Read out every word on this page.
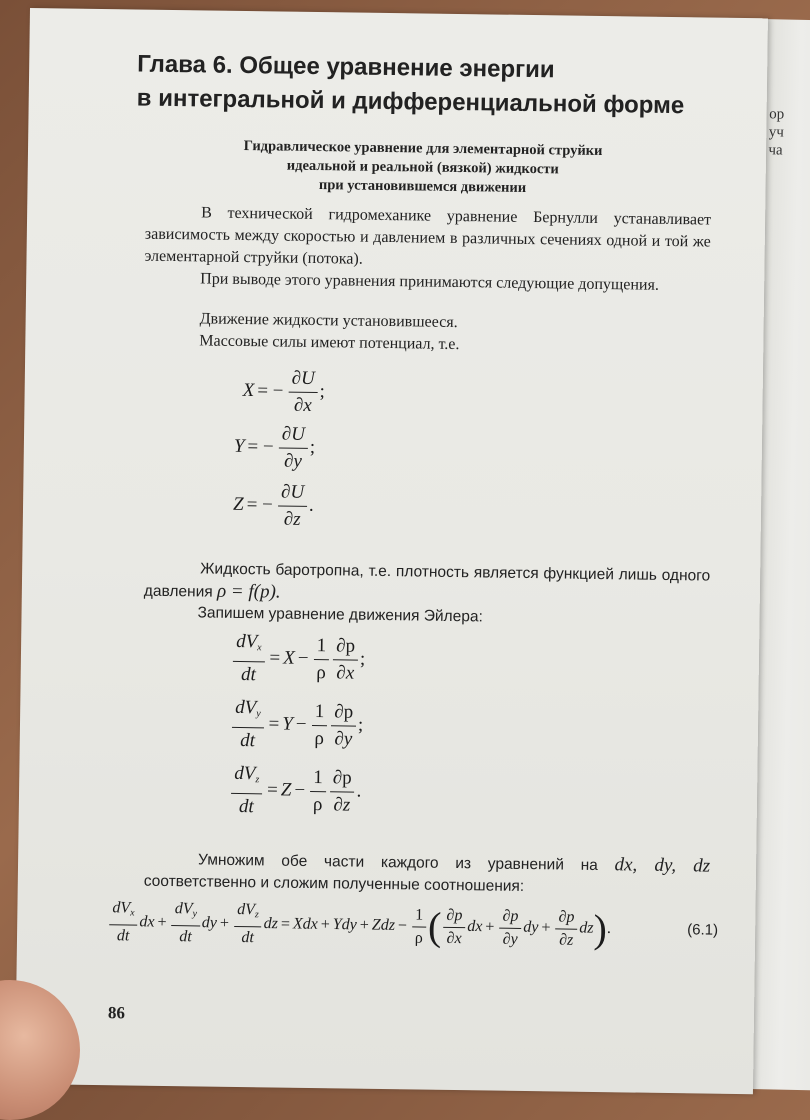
ор
уч
ча
Глава 6. Общее уравнение энергии
в интегральной и дифференциальной форме
Гидравлическое уравнение для элементарной струйки
идеальной и реальной (вязкой) жидкости
при установившемся движении
В технической гидромеханике уравнение Бернулли устанавливает зависимость между скоростью и давлением в различных сечениях одной и той же элементарной струйки (потока).
При выводе этого уравнения принимаются следующие допущения.
Движение жидкости установившееся.
Массовые силы имеют потенциал, т.е.
X = − $\frac{\partial U}{\partial x}$ ;
Y = − $\frac{\partial U}{\partial y}$ ;
Z = − $\frac{\partial U}{\partial z}$ .
Жидкость баротропна, т.е. плотность является функцией лишь одного давления ρ = f(p).
Запишем уравнение движения Эйлера:
$\frac{dV_x}{dt} = X - \frac{1}{\rho} \frac{\partial p}{\partial x}$ ;
$\frac{dV_y}{dt} = Y - \frac{1}{\rho} \frac{\partial p}{\partial y}$ ;
$\frac{dV_z}{dt} = Z - \frac{1}{\rho} \frac{\partial p}{\partial z}$ .
Умножим обе части каждого из уравнений на dx, dy, dz соответственно и сложим полученные соотношения:
$\frac{dV_x}{dt}$ dx + $\frac{dV_y}{dt}$ dy + $\frac{dV_z}{dt}$ dz = Xdx + Ydy + Zdz − $\frac{1}{\rho}$ ( $\frac{\partial p}{\partial x}$ dx + $\frac{\partial p}{\partial y}$ dy + $\frac{\partial p}{\partial z} dz$).	(6.1)
86
